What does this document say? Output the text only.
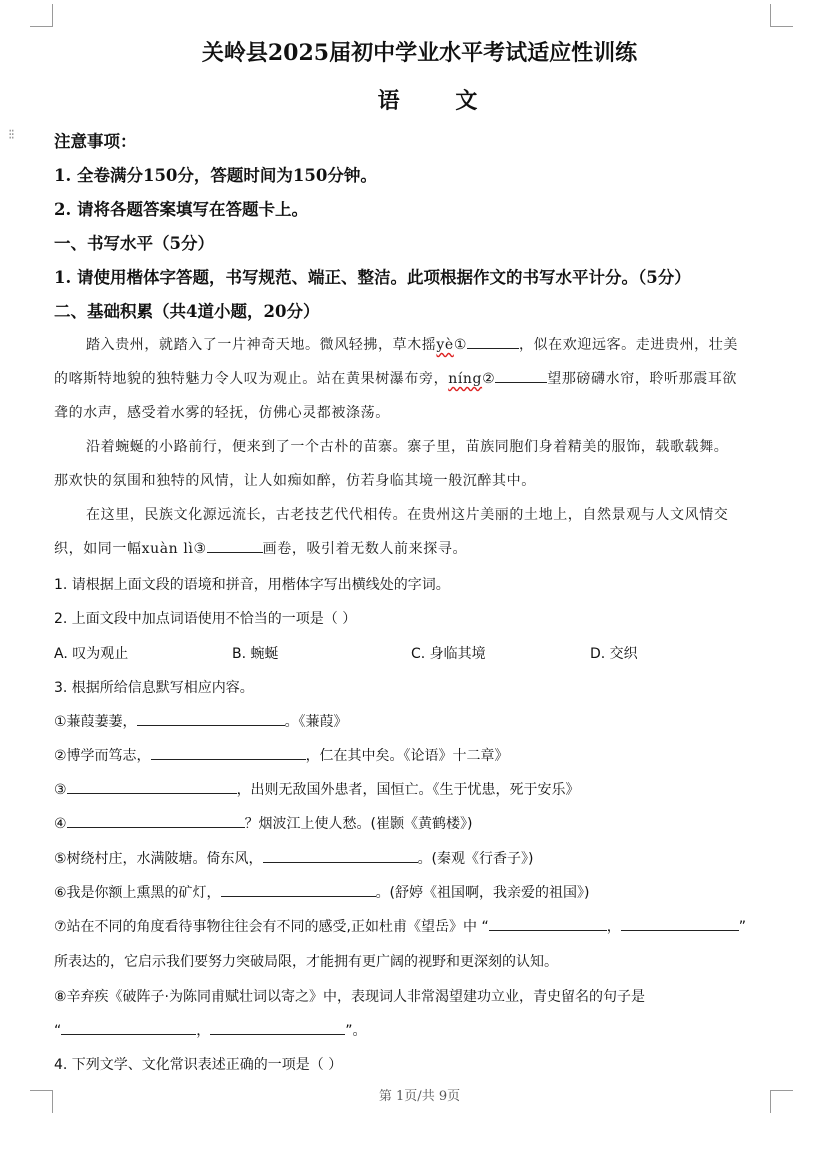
⁝⁝
关岭县2025届初中学业水平考试适应性训练
语 文
注意事项：
1. 全卷满分150分，答题时间为150分钟。
2. 请将各题答案填写在答题卡上。
一、书写水平（5分）
1. 请使用楷体字答题，书写规范、端正、整洁。此项根据作文的书写水平计分。（5分）
二、基础积累（共4道小题，20分）
踏入贵州，就踏入了一片神奇天地。微风轻拂，草木摇yè①	，似在欢迎远客。走进贵州，壮美
的喀斯特地貌的独特魅力令人叹为观止。站在黄果树瀑布旁，níng②	望那磅礴水帘，聆听那震耳欲
聋的水声，感受着水雾的轻抚，仿佛心灵都被涤荡。
沿着蜿蜒的小路前行，便来到了一个古朴的苗寨。寨子里，苗族同胞们身着精美的服饰，载歌载舞。
那欢快的氛围和独特的风情，让人如痴如醉，仿若身临其境一般沉醉其中。
在这里，民族文化源远流长，古老技艺代代相传。在贵州这片美丽的土地上，自然景观与人文风情交
织，如同一幅xuàn lì③	画卷，吸引着无数人前来探寻。
1. 请根据上面文段的语境和拼音，用楷体字写出横线处的字词。
2. 上面文段中加点词语使用不恰当的一项是（ ）
A. 叹为观止	B. 蜿蜒	C. 身临其境	D. 交织
3. 根据所给信息默写相应内容。
①蒹葭萋萋，	。《蒹葭》
②博学而笃志，	，仁在其中矣。《论语》十二章》
③	，出则无敌国外患者，国恒亡。《生于忧患，死于安乐》
④	？烟波江上使人愁。(崔颢《黄鹤楼》)
⑤树绕村庄，水满陂塘。倚东风，	。(秦观《行香子》)
⑥我是你额上熏黑的矿灯，	。(舒婷《祖国啊，我亲爱的祖国》)
⑦站在不同的角度看待事物往往会有不同的感受,正如杜甫《望岳》中 “	，	”
所表达的，它启示我们要努力突破局限，才能拥有更广阔的视野和更深刻的认知。
⑧辛弃疾《破阵子·为陈同甫赋壮词以寄之》中，表现词人非常渴望建功立业，青史留名的句子是
“	，	”。
4. 下列文学、文化常识表述正确的一项是（ ）
第 1页/共 9页
